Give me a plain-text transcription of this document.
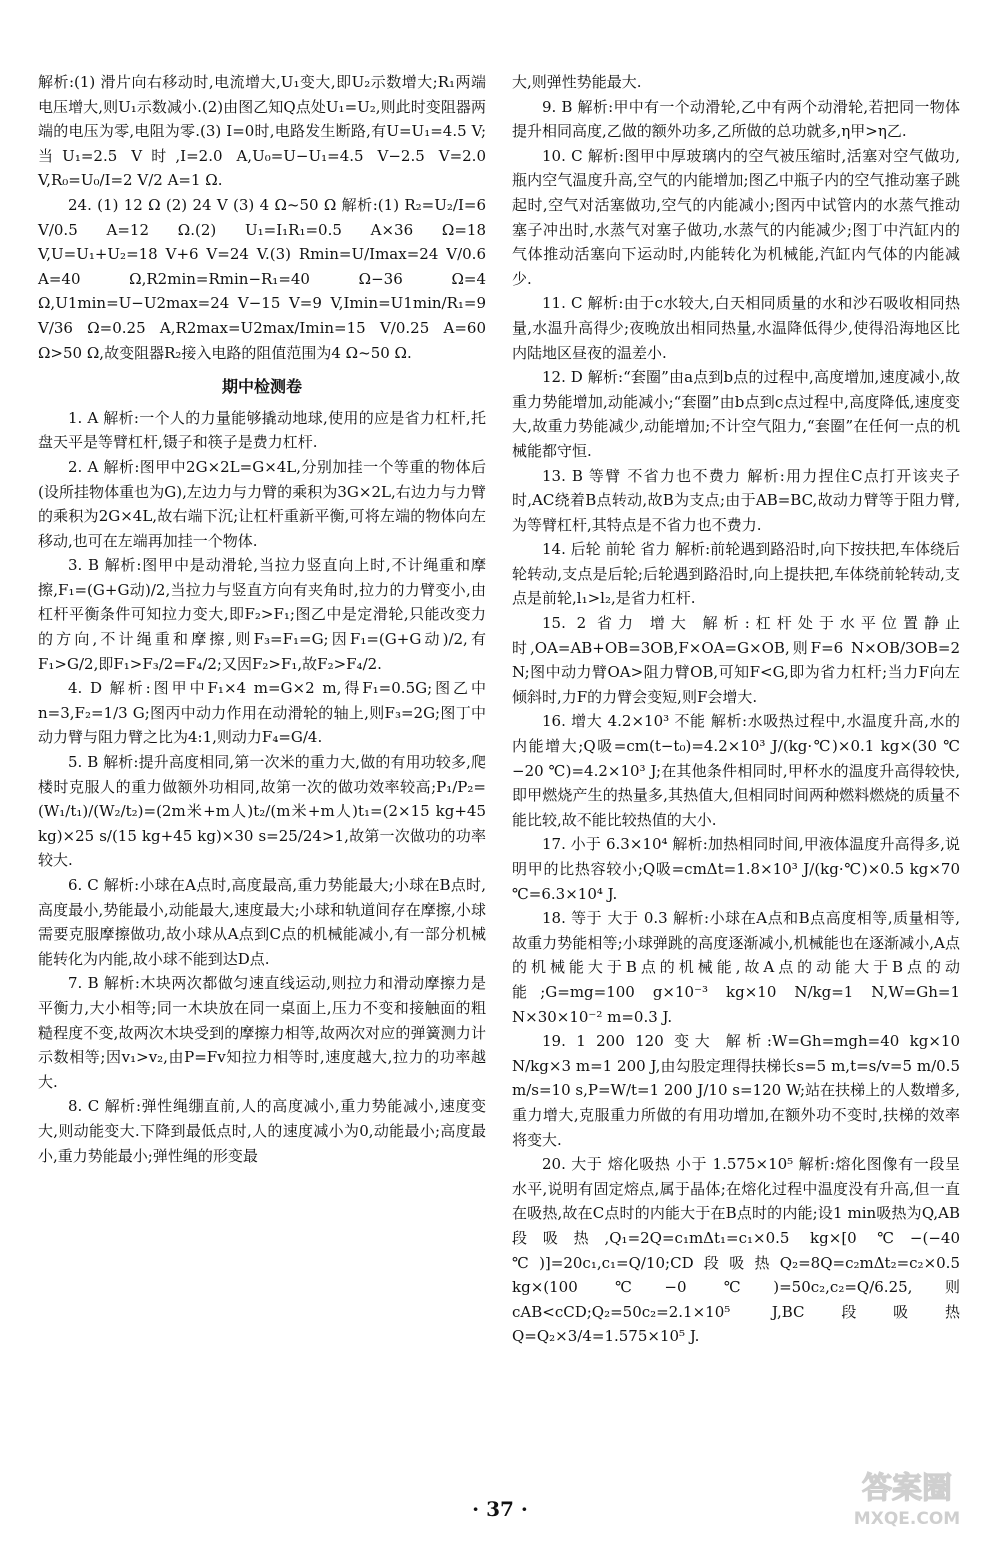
解析:(1) 滑片向右移动时,电流增大,U₁变大,即U₂示数增大;R₁两端电压增大,则U₁示数减小.(2)由图乙知Q点处U₁=U₂,则此时变阻器两端的电压为零,电阻为零.(3) I=0时,电路发生断路,有U=U₁=4.5 V;当U₁=2.5 V时,I=2.0 A,U₀=U−U₁=4.5 V−2.5 V=2.0 V,R₀=U₀/I=2 V/2 A=1 Ω.

24. (1) 12 Ω (2) 24 V (3) 4 Ω~50 Ω 解析:(1) R₂=U₂/I=6 V/0.5 A=12 Ω.(2) U₁=I₁R₁=0.5 A×36 Ω=18 V,U=U₁+U₂=18 V+6 V=24 V.(3) Rmin=U/Imax=24 V/0.6 A=40 Ω,R2min=Rmin−R₁=40 Ω−36 Ω=4 Ω,U1min=U−U2max=24 V−15 V=9 V,Imin=U1min/R₁=9 V/36 Ω=0.25 A,R2max=U2max/Imin=15 V/0.25 A=60 Ω>50 Ω,故变阻器R₂接入电路的阻值范围为4 Ω~50 Ω.

期中检测卷

1. A 解析:一个人的力量能够撬动地球,使用的应是省力杠杆,托盘天平是等臂杠杆,镊子和筷子是费力杠杆.

2. A 解析:图甲中2G×2L=G×4L,分别加挂一个等重的物体后(设所挂物体重也为G),左边力与力臂的乘积为3G×2L,右边力与力臂的乘积为2G×4L,故右端下沉;让杠杆重新平衡,可将左端的物体向左移动,也可在左端再加挂一个物体.

3. B 解析:图甲中是动滑轮,当拉力竖直向上时,不计绳重和摩擦,F₁=(G+G动)/2,当拉力与竖直方向有夹角时,拉力的力臂变小,由杠杆平衡条件可知拉力变大,即F₂>F₁;图乙中是定滑轮,只能改变力的方向,不计绳重和摩擦,则F₃=F₁=G;因F₁=(G+G动)/2,有F₁>G/2,即F₁>F₃/2=F₄/2;又因F₂>F₁,故F₂>F₄/2.

4. D 解析:图甲中F₁×4 m=G×2 m,得F₁=0.5G;图乙中n=3,F₂=1/3 G;图丙中动力作用在动滑轮的轴上,则F₃=2G;图丁中动力臂与阻力臂之比为4:1,则动力F₄=G/4.

5. B 解析:提升高度相同,第一次米的重力大,做的有用功较多,爬楼时克服人的重力做额外功相同,故第一次的做功效率较高;P₁/P₂=(W₁/t₁)/(W₂/t₂)=(2m米+m人)t₂/(m米+m人)t₁=(2×15 kg+45 kg)×25 s/(15 kg+45 kg)×30 s=25/24>1,故第一次做功的功率较大.

6. C 解析:小球在A点时,高度最高,重力势能最大;小球在B点时,高度最小,势能最小,动能最大,速度最大;小球和轨道间存在摩擦,小球需要克服摩擦做功,故小球从A点到C点的机械能减小,有一部分机械能转化为内能,故小球不能到达D点.

7. B 解析:木块两次都做匀速直线运动,则拉力和滑动摩擦力是平衡力,大小相等;同一木块放在同一桌面上,压力不变和接触面的粗糙程度不变,故两次木块受到的摩擦力相等,故两次对应的弹簧测力计示数相等;因v₁>v₂,由P=Fv知拉力相等时,速度越大,拉力的功率越大.

8. C 解析:弹性绳绷直前,人的高度减小,重力势能减小,速度变大,则动能变大.下降到最低点时,人的速度减小为0,动能最小;高度最小,重力势能最小;弹性绳的形变最

大,则弹性势能最大.

9. B 解析:甲中有一个动滑轮,乙中有两个动滑轮,若把同一物体提升相同高度,乙做的额外功多,乙所做的总功就多,η甲>η乙.

10. C 解析:图甲中厚玻璃内的空气被压缩时,活塞对空气做功,瓶内空气温度升高,空气的内能增加;图乙中瓶子内的空气推动塞子跳起时,空气对活塞做功,空气的内能减小;图丙中试管内的水蒸气推动塞子冲出时,水蒸气对塞子做功,水蒸气的内能减少;图丁中汽缸内的气体推动活塞向下运动时,内能转化为机械能,汽缸内气体的内能减少.

11. C 解析:由于c水较大,白天相同质量的水和沙石吸收相同热量,水温升高得少;夜晚放出相同热量,水温降低得少,使得沿海地区比内陆地区昼夜的温差小.

12. D 解析:“套圈”由a点到b点的过程中,高度增加,速度减小,故重力势能增加,动能减小;“套圈”由b点到c点过程中,高度降低,速度变大,故重力势能减少,动能增加;不计空气阻力,“套圈”在任何一点的机械能都守恒.

13. B 等臂 不省力也不费力 解析:用力捏住C点打开该夹子时,AC绕着B点转动,故B为支点;由于AB=BC,故动力臂等于阻力臂,为等臂杠杆,其特点是不省力也不费力.

14. 后轮 前轮 省力 解析:前轮遇到路沿时,向下按扶把,车体绕后轮转动,支点是后轮;后轮遇到路沿时,向上提扶把,车体绕前轮转动,支点是前轮,l₁>l₂,是省力杠杆.

15. 2 省力 增大 解析:杠杆处于水平位置静止时,OA=AB+OB=3OB,F×OA=G×OB,则F=6 N×OB/3OB=2 N;图中动力臂OA>阻力臂OB,可知F<G,即为省力杠杆;当力F向左倾斜时,力F的力臂会变短,则F会增大.

16. 增大 4.2×10³ 不能 解析:水吸热过程中,水温度升高,水的内能增大;Q吸=cm(t−t₀)=4.2×10³ J/(kg·℃)×0.1 kg×(30 ℃−20 ℃)=4.2×10³ J;在其他条件相同时,甲杯水的温度升高得较快,即甲燃烧产生的热量多,其热值大,但相同时间两种燃料燃烧的质量不能比较,故不能比较热值的大小.

17. 小于 6.3×10⁴ 解析:加热相同时间,甲液体温度升高得多,说明甲的比热容较小;Q吸=cmΔt=1.8×10³ J/(kg·℃)×0.5 kg×70 ℃=6.3×10⁴ J.

18. 等于 大于 0.3 解析:小球在A点和B点高度相等,质量相等,故重力势能相等;小球弹跳的高度逐渐减小,机械能也在逐渐减小,A点的机械能大于B点的机械能,故A点的动能大于B点的动能;G=mg=100 g×10⁻³ kg×10 N/kg=1 N,W=Gh=1 N×30×10⁻² m=0.3 J.

19. 1 200 120 变大 解析:W=Gh=mgh=40 kg×10 N/kg×3 m=1 200 J,由勾股定理得扶梯长s=5 m,t=s/v=5 m/0.5 m/s=10 s,P=W/t=1 200 J/10 s=120 W;站在扶梯上的人数增多,重力增大,克服重力所做的有用功增加,在额外功不变时,扶梯的效率将变大.

20. 大于 熔化吸热 小于 1.575×10⁵ 解析:熔化图像有一段呈水平,说明有固定熔点,属于晶体;在熔化过程中温度没有升高,但一直在吸热,故在C点时的内能大于在B点时的内能;设1 min吸热为Q,AB段吸热,Q₁=2Q=c₁mΔt₁=c₁×0.5 kg×[0 ℃−(−40 ℃)]=20c₁,c₁=Q/10;CD段吸热Q₂=8Q=c₂mΔt₂=c₂×0.5 kg×(100 ℃−0 ℃)=50c₂,c₂=Q/6.25,则cAB<cCD;Q₂=50c₂=2.1×10⁵ J,BC段吸热Q=Q₂×3/4=1.575×10⁵ J.

· 37 ·
答案圈
MXQE.COM
